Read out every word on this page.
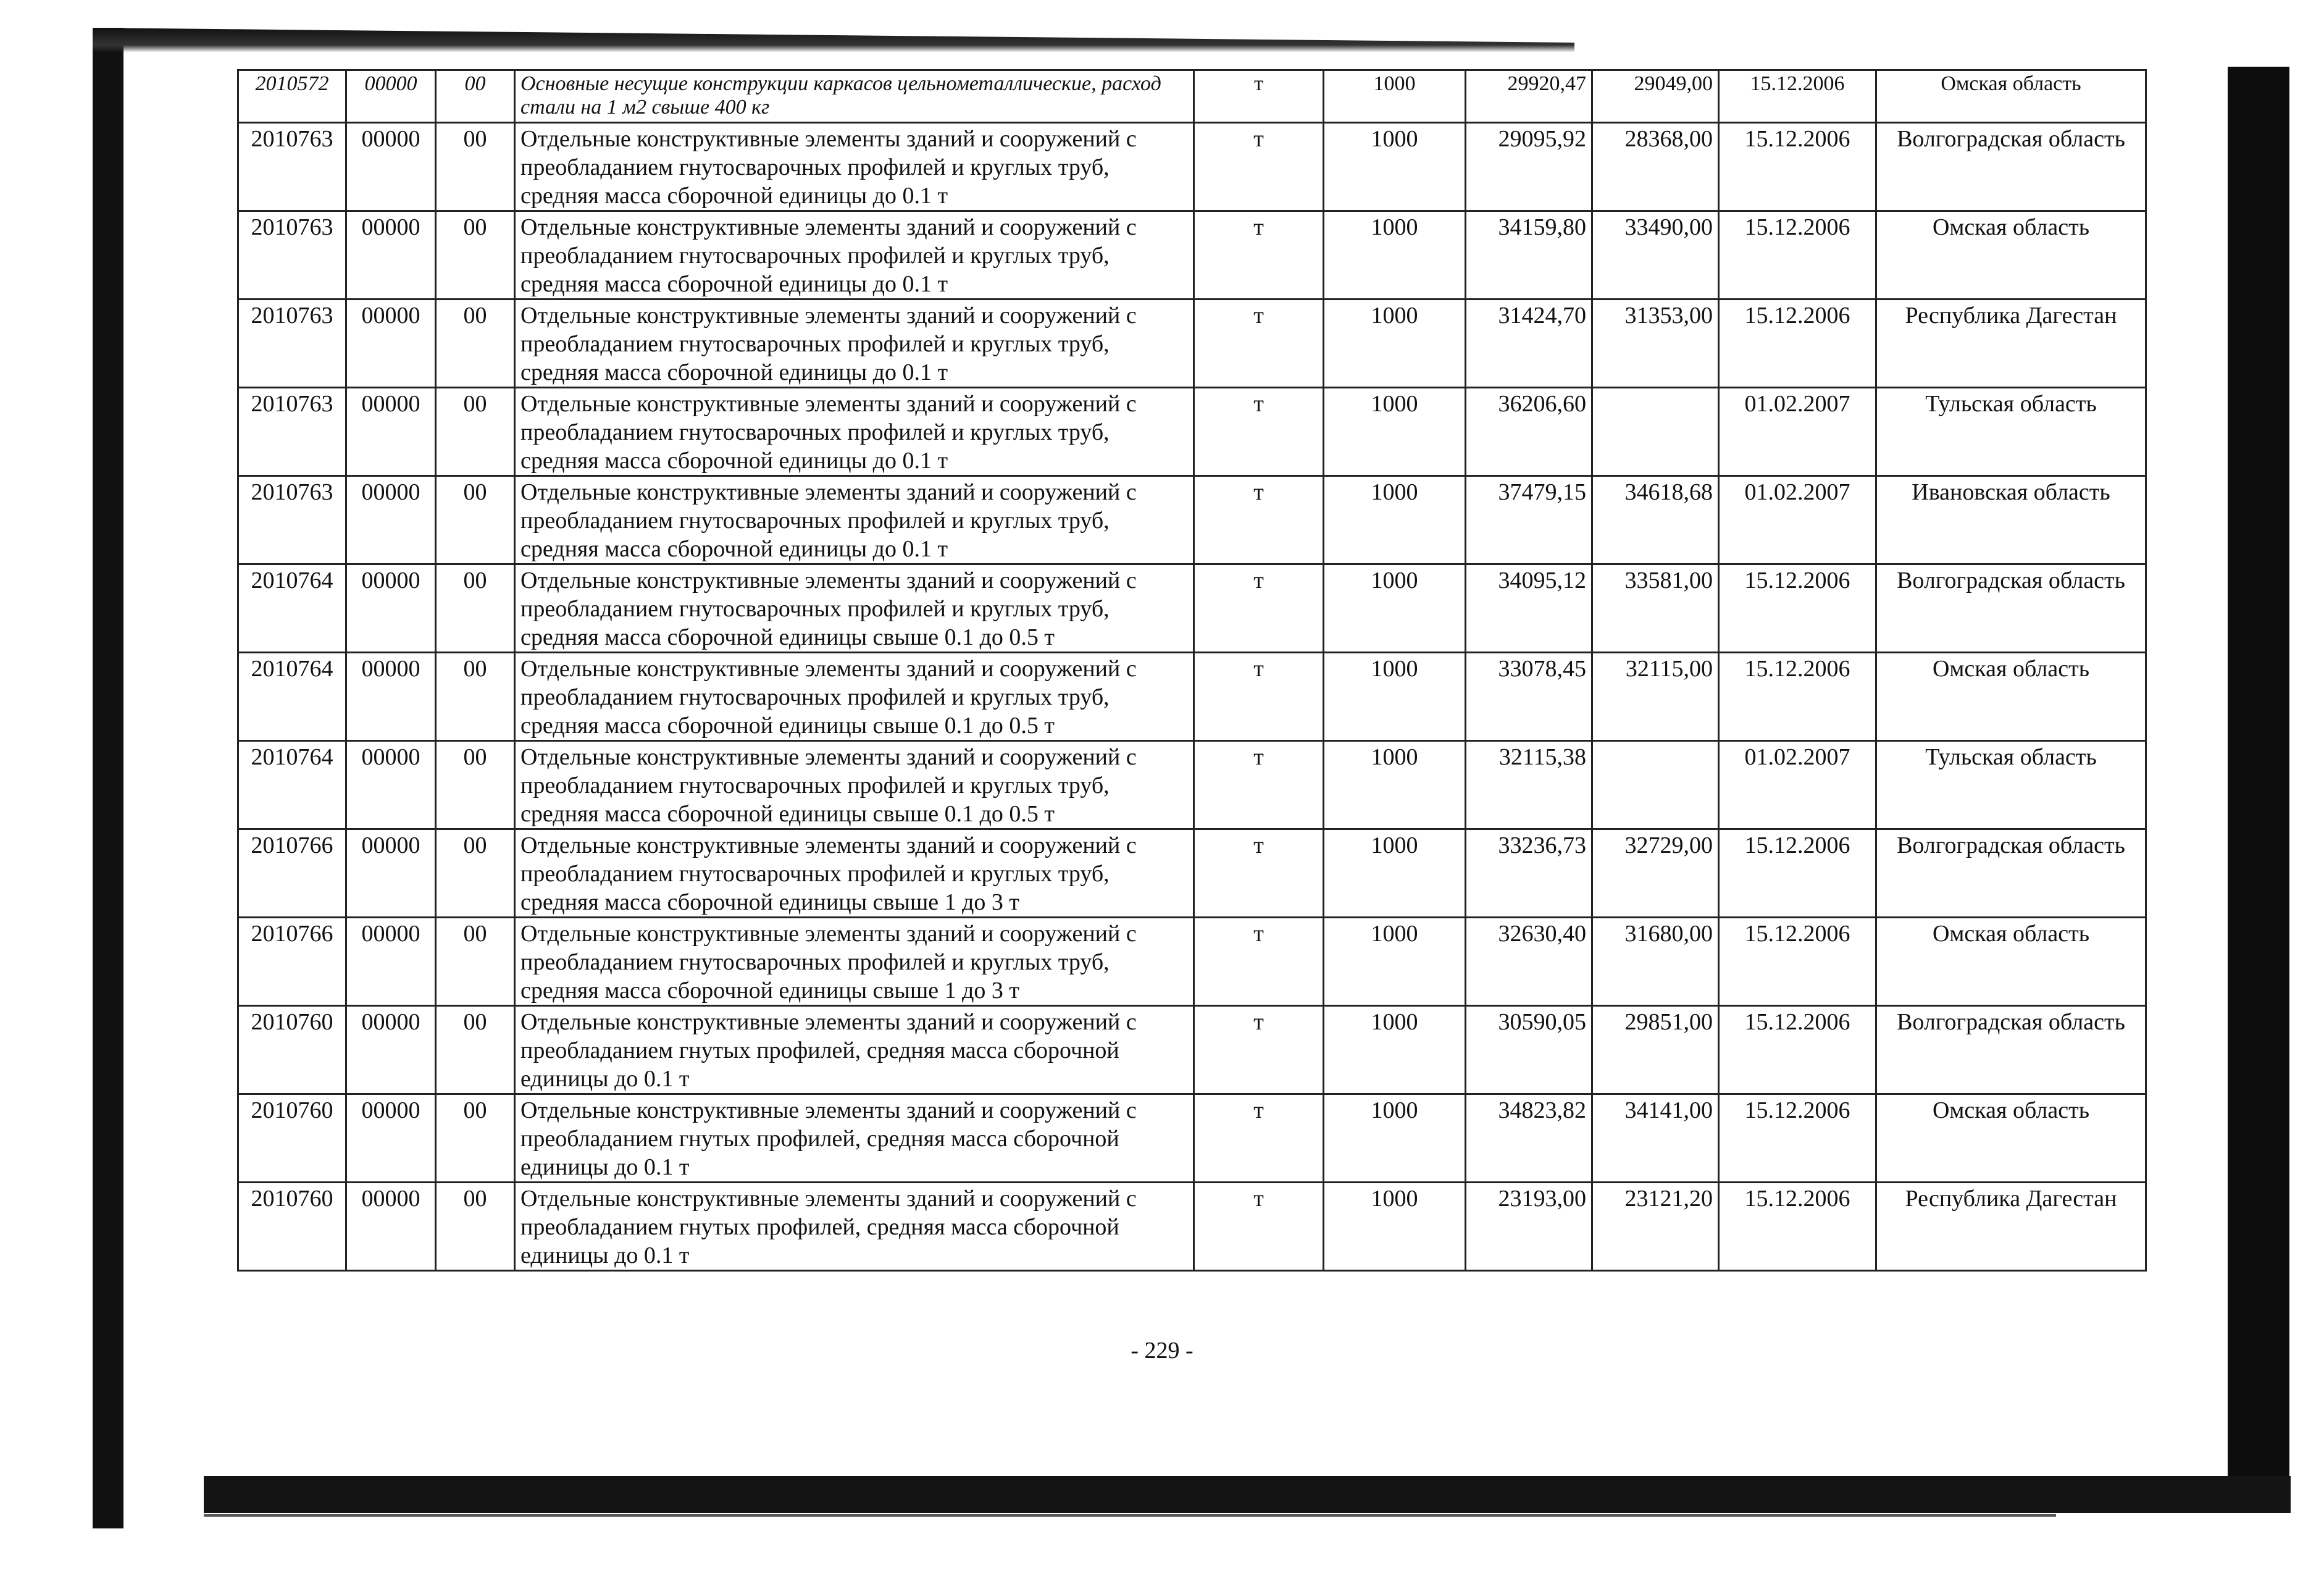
2010572	00000	00	Основные несущие конструкции каркасов цельнометаллические, расход стали на 1 м2 свыше 400 кг	т	1000	29920,47	29049,00	15.12.2006	Омская область
2010763	00000	00	Отдельные конструктивные элементы зданий и сооружений с преобладанием гнутосварочных профилей и круглых труб, средняя масса сборочной единицы до 0.1 т	т	1000	29095,92	28368,00	15.12.2006	Волгоградская область
2010763	00000	00	Отдельные конструктивные элементы зданий и сооружений с преобладанием гнутосварочных профилей и круглых труб, средняя масса сборочной единицы до 0.1 т	т	1000	34159,80	33490,00	15.12.2006	Омская область
2010763	00000	00	Отдельные конструктивные элементы зданий и сооружений с преобладанием гнутосварочных профилей и круглых труб, средняя масса сборочной единицы до 0.1 т	т	1000	31424,70	31353,00	15.12.2006	Республика Дагестан
2010763	00000	00	Отдельные конструктивные элементы зданий и сооружений с преобладанием гнутосварочных профилей и круглых труб, средняя масса сборочной единицы до 0.1 т	т	1000	36206,60		01.02.2007	Тульская область
2010763	00000	00	Отдельные конструктивные элементы зданий и сооружений с преобладанием гнутосварочных профилей и круглых труб, средняя масса сборочной единицы до 0.1 т	т	1000	37479,15	34618,68	01.02.2007	Ивановская область
2010764	00000	00	Отдельные конструктивные элементы зданий и сооружений с преобладанием гнутосварочных профилей и круглых труб, средняя масса сборочной единицы свыше 0.1 до 0.5 т	т	1000	34095,12	33581,00	15.12.2006	Волгоградская область
2010764	00000	00	Отдельные конструктивные элементы зданий и сооружений с преобладанием гнутосварочных профилей и круглых труб, средняя масса сборочной единицы свыше 0.1 до 0.5 т	т	1000	33078,45	32115,00	15.12.2006	Омская область
2010764	00000	00	Отдельные конструктивные элементы зданий и сооружений с преобладанием гнутосварочных профилей и круглых труб, средняя масса сборочной единицы свыше 0.1 до 0.5 т	т	1000	32115,38		01.02.2007	Тульская область
2010766	00000	00	Отдельные конструктивные элементы зданий и сооружений с преобладанием гнутосварочных профилей и круглых труб, средняя масса сборочной единицы свыше 1 до 3 т	т	1000	33236,73	32729,00	15.12.2006	Волгоградская область
2010766	00000	00	Отдельные конструктивные элементы зданий и сооружений с преобладанием гнутосварочных профилей и круглых труб, средняя масса сборочной единицы свыше 1 до 3 т	т	1000	32630,40	31680,00	15.12.2006	Омская область
2010760	00000	00	Отдельные конструктивные элементы зданий и сооружений с преобладанием гнутых профилей, средняя масса сборочной единицы до 0.1 т	т	1000	30590,05	29851,00	15.12.2006	Волгоградская область
2010760	00000	00	Отдельные конструктивные элементы зданий и сооружений с преобладанием гнутых профилей, средняя масса сборочной единицы до 0.1 т	т	1000	34823,82	34141,00	15.12.2006	Омская область
2010760	00000	00	Отдельные конструктивные элементы зданий и сооружений с преобладанием гнутых профилей, средняя масса сборочной единицы до 0.1 т	т	1000	23193,00	23121,20	15.12.2006	Республика Дагестан
- 229 -
